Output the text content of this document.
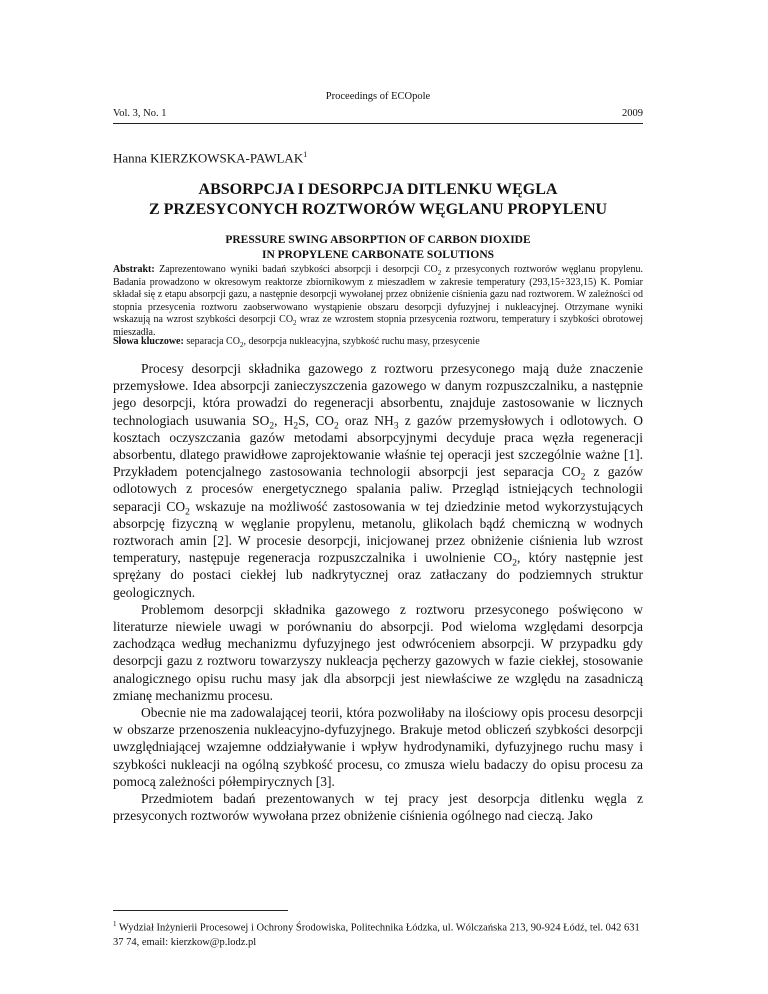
Proceedings of ECOpole
Vol. 3, No. 1	2009
Hanna KIERZKOWSKA-PAWLAK$^1$
ABSORPCJA I DESORPCJA DITLENKU WĘGLA
Z PRZESYCONYCH ROZTWORÓW WĘGLANU PROPYLENU
PRESSURE SWING ABSORPTION OF CARBON DIOXIDE
IN PROPYLENE CARBONATE SOLUTIONS
Abstrakt: Zaprezentowano wyniki badań szybkości absorpcji i desorpcji $CO_2$ z przesyconych roztworów węglanu propylenu. Badania prowadzono w okresowym reaktorze zbiornikowym z mieszadłem w zakresie temperatury (293,15÷323,15) K. Pomiar składał się z etapu absorpcji gazu, a następnie desorpcji wywołanej przez obniżenie ciśnienia gazu nad roztworem. W zależności od stopnia przesycenia roztworu zaobserwowano wystąpienie obszaru desorpcji dyfuzyjnej i nukleacyjnej. Otrzymane wyniki wskazują na wzrost szybkości desorpcji $CO_2$ wraz ze wzrostem stopnia przesycenia roztworu, temperatury i szybkości obrotowej mieszadła.
Słowa kluczowe: separacja $CO_2$, desorpcja nukleacyjna, szybkość ruchu masy, przesycenie

Procesy desorpcji składnika gazowego z roztworu przesyconego mają duże znaczenie przemysłowe. Idea absorpcji zanieczyszczenia gazowego w danym rozpuszczalniku, a następnie jego desorpcji, która prowadzi do regeneracji absorbentu, znajduje zastosowanie w licznych technologiach usuwania $SO_2$, $H_2S$, $CO_2$ oraz $NH_3$ z gazów przemysłowych i odlotowych. O kosztach oczyszczania gazów metodami absorpcyjnymi decyduje praca węzła regeneracji absorbentu, dlatego prawidłowe zaprojektowanie właśnie tej operacji jest szczególnie ważne [1]. Przykładem potencjalnego zastosowania technologii absorpcji jest separacja $CO_2$ z gazów odlotowych z procesów energetycznego spalania paliw. Przegląd istniejących technologii separacji $CO_2$ wskazuje na możliwość zastosowania w tej dziedzinie metod wykorzystujących absorpcję fizyczną w węglanie propylenu, metanolu, glikolach bądź chemiczną w wodnych roztworach amin [2]. W procesie desorpcji, inicjowanej przez obniżenie ciśnienia lub wzrost temperatury, następuje regeneracja rozpuszczalnika i uwolnienie $CO_2$, który następnie jest sprężany do postaci ciekłej lub nadkrytycznej oraz zatłaczany do podziemnych struktur geologicznych.

Problemom desorpcji składnika gazowego z roztworu przesyconego poświęcono w literaturze niewiele uwagi w porównaniu do absorpcji. Pod wieloma względami desorpcja zachodząca według mechanizmu dyfuzyjnego jest odwróceniem absorpcji. W przypadku gdy desorpcji gazu z roztworu towarzyszy nukleacja pęcherzy gazowych w fazie ciekłej, stosowanie analogicznego opisu ruchu masy jak dla absorpcji jest niewłaściwe ze względu na zasadniczą zmianę mechanizmu procesu.

Obecnie nie ma zadowalającej teorii, która pozwoliłaby na ilościowy opis procesu desorpcji w obszarze przenoszenia nukleacyjno-dyfuzyjnego. Brakuje metod obliczeń szybkości desorpcji uwzględniającej wzajemne oddziaływanie i wpływ hydrodynamiki, dyfuzyjnego ruchu masy i szybkości nukleacji na ogólną szybkość procesu, co zmusza wielu badaczy do opisu procesu za pomocą zależności półempirycznych [3].

Przedmiotem badań prezentowanych w tej pracy jest desorpcja ditlenku węgla z przesyconych roztworów wywołana przez obniżenie ciśnienia ogólnego nad cieczą. Jako

$^1$ Wydział Inżynierii Procesowej i Ochrony Środowiska, Politechnika Łódzka, ul. Wólczańska 213, 90-924 Łódź, tel. 042 631 37 74, email: kierzkow@p.lodz.pl
